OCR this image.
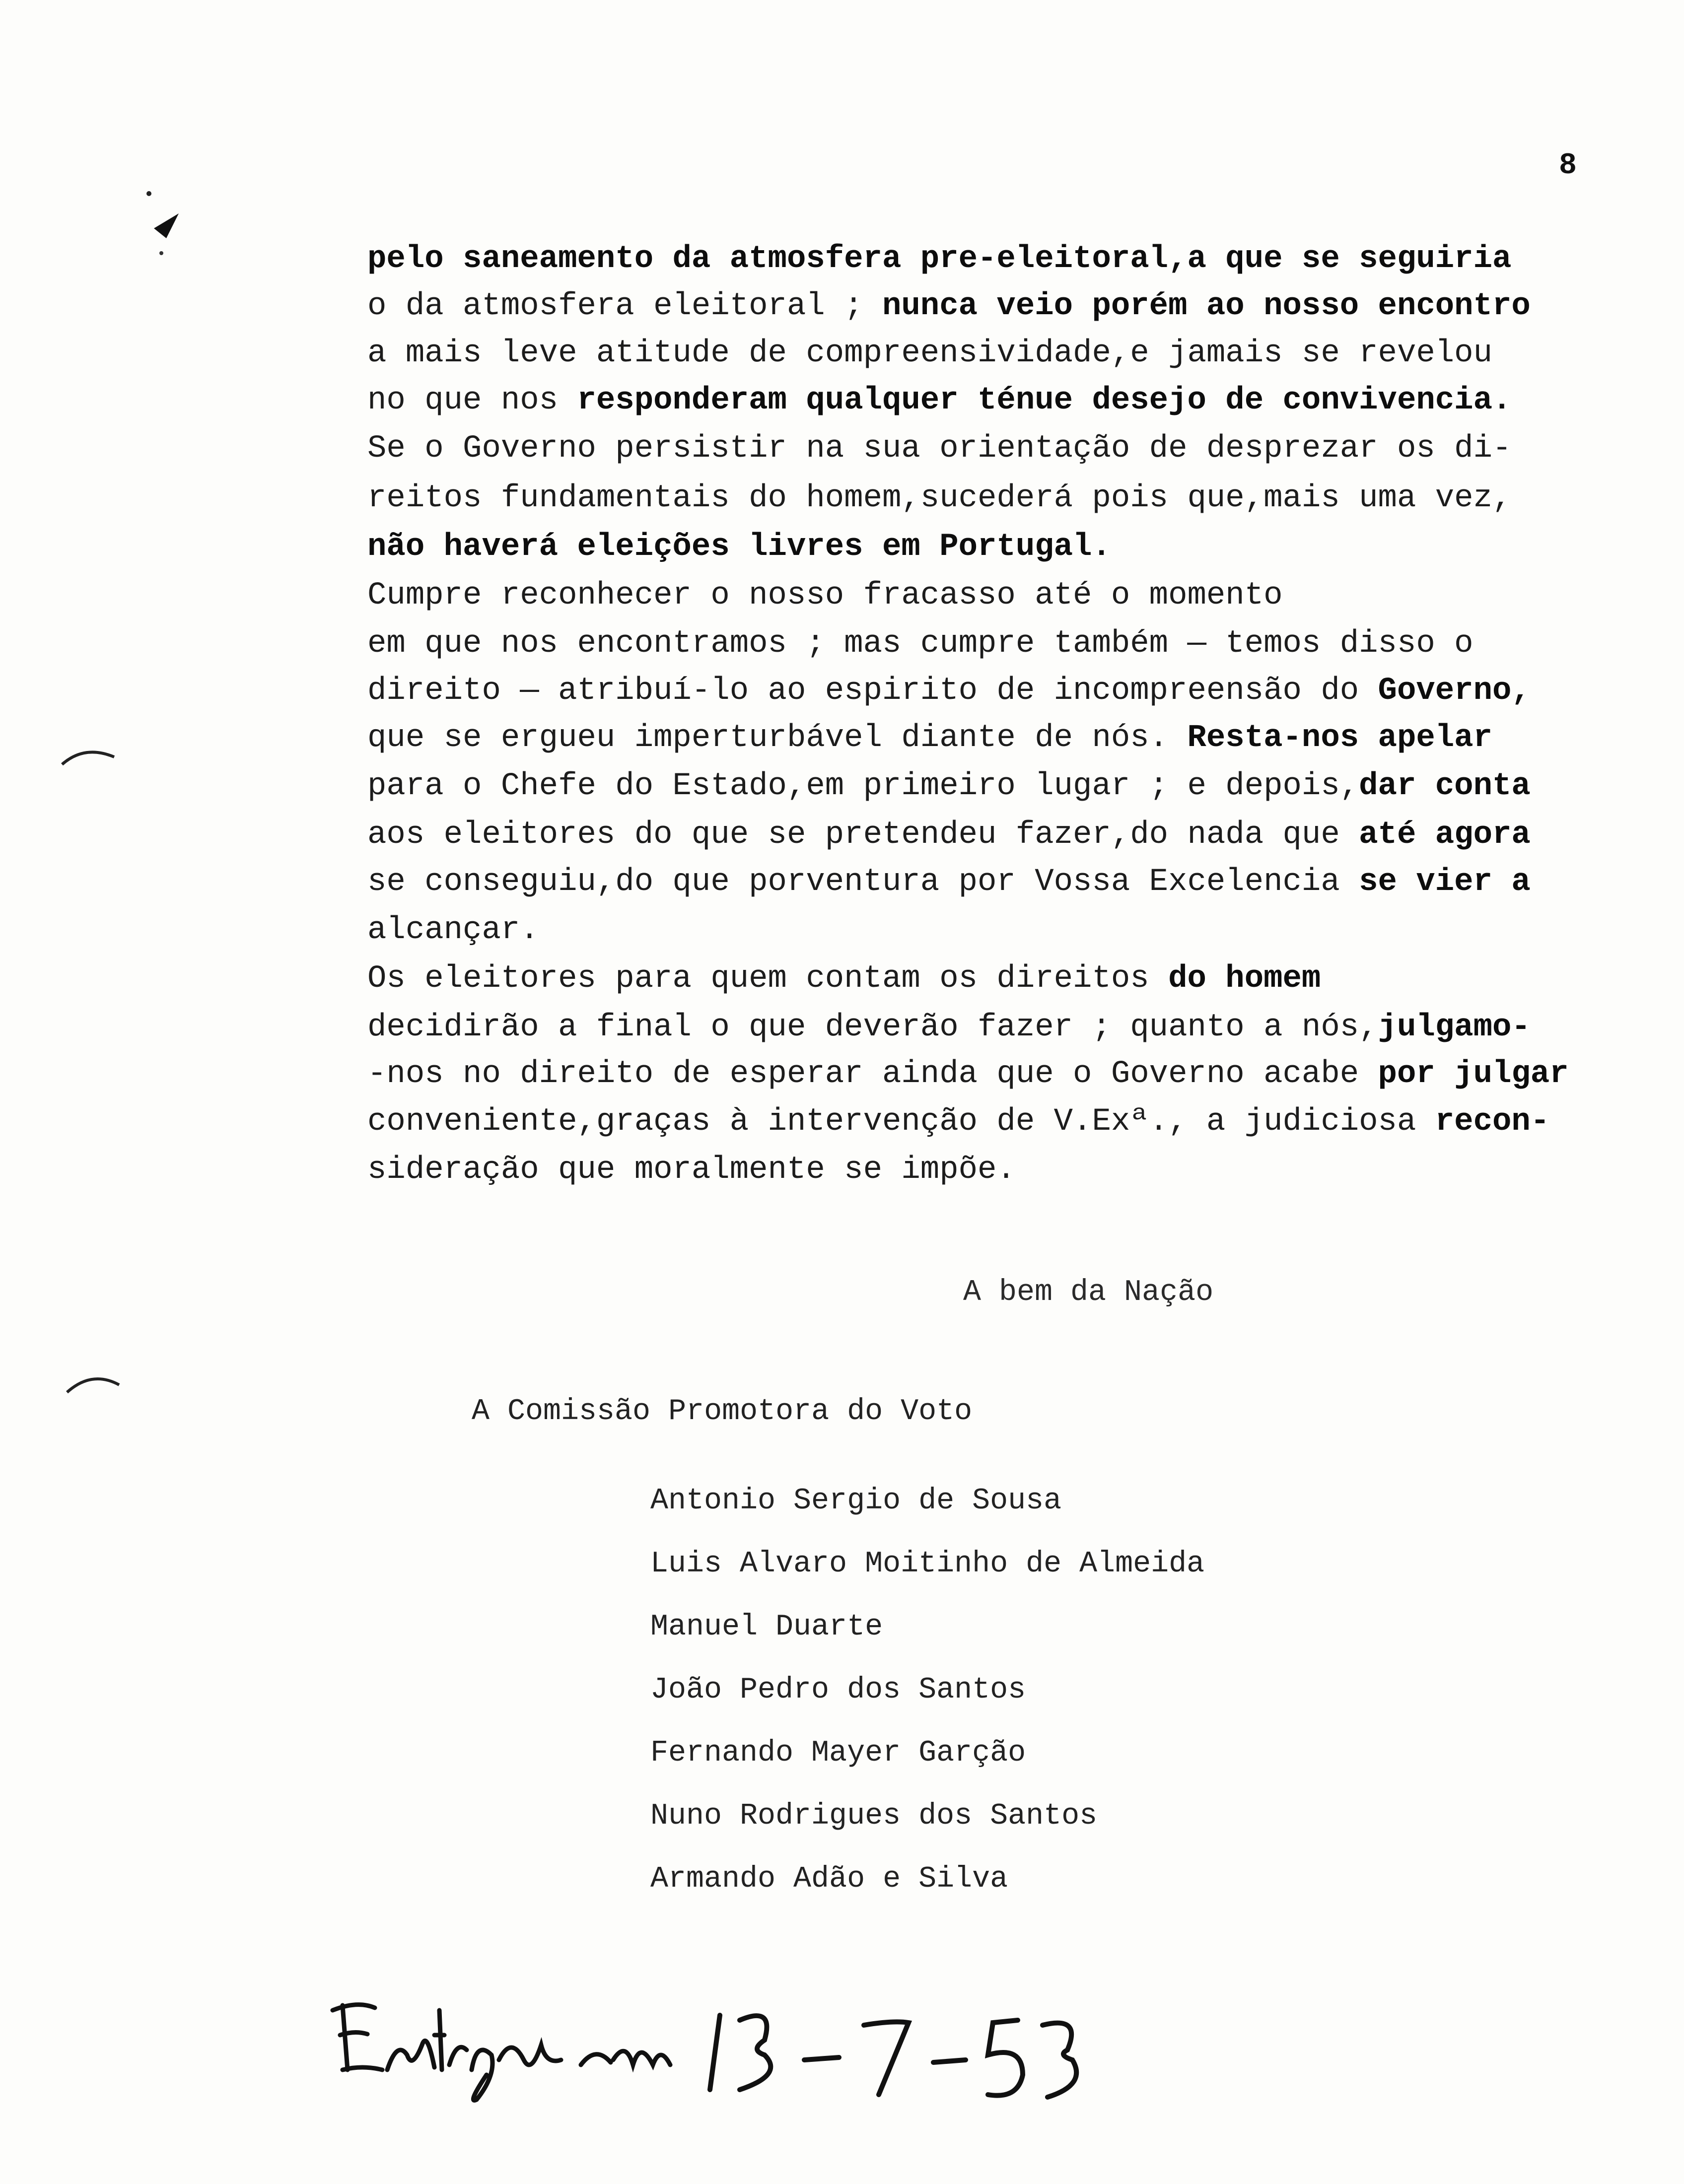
8
pelo saneamento da atmosfera pre-eleitoral,a que se seguiria
o da atmosfera eleitoral ; nunca veio porém ao nosso encontro
a mais leve atitude de compreensividade,e jamais se revelou
no que nos responderam qualquer ténue desejo de convivencia.
Se o Governo persistir na sua orientação de desprezar os di-
reitos fundamentais do homem,sucederá pois que,mais uma vez,
não haverá eleições livres em Portugal.
Cumpre reconhecer o nosso fracasso até o momento
em que nos encontramos ; mas cumpre também — temos disso o
direito — atribuí-lo ao espirito de incompreensão do Governo,
que se ergueu imperturbável diante de nós. Resta-nos apelar
para o Chefe do Estado,em primeiro lugar ; e depois,dar conta
aos eleitores do que se pretendeu fazer,do nada que até agora
se conseguiu,do que porventura por Vossa Excelencia se vier a
alcançar.
Os eleitores para quem contam os direitos do homem
decidirão a final o que deverão fazer ; quanto a nós,julgamo-
-nos no direito de esperar ainda que o Governo acabe por julgar
conveniente,graças à intervenção de V.Exª., a judiciosa recon-
sideração que moralmente se impõe.
A bem da Nação
A Comissão Promotora do Voto
Antonio Sergio de Sousa
Luis Alvaro Moitinho de Almeida
Manuel Duarte
João Pedro dos Santos
Fernando Mayer Garção
Nuno Rodrigues dos Santos
Armando Adão e Silva
